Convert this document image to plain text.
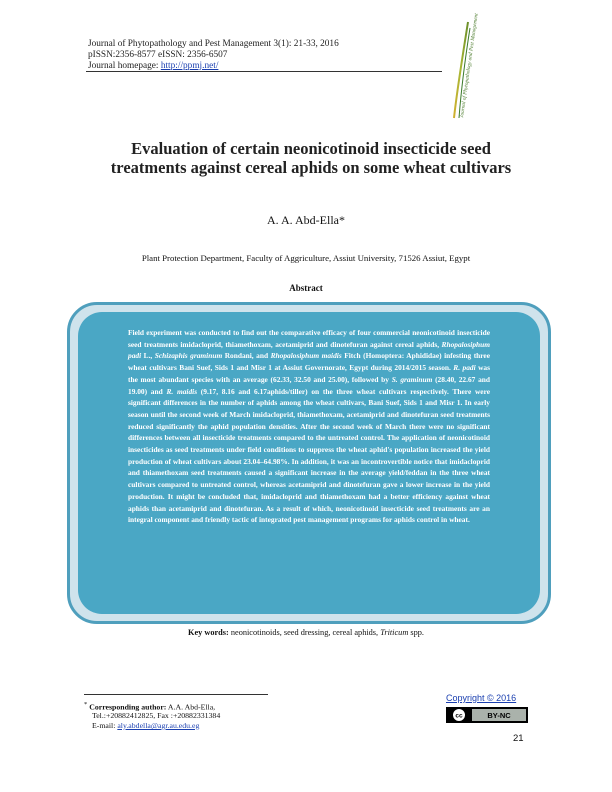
Journal of Phytopathology and Pest Management 3(1): 21-33, 2016
pISSN:2356-8577 eISSN: 2356-6507
Journal homepage: http://ppmj.net/	Journal of Phytopathology and Pest Management
Evaluation of certain neonicotinoid insecticide seed
treatments against cereal aphids on some wheat cultivars
A. A. Abd-Ella*
Plant Protection Department, Faculty of Aggriculture, Assiut University, 71526 Assiut, Egypt
Abstract
Field experiment was conducted to find out the comparative efficacy of four commercial neonicotinoid insecticide seed treatments imidacloprid, thiamethoxam, acetamiprid and dinotefuran against cereal aphids, Rhopalosiphum padi L., Schizaphis graminum Rondani, and Rhopalosiphum maidis Fitch (Homoptera: Aphididae) infesting three wheat cultivars Bani Suef, Sids 1 and Misr 1 at Assiut Governorate, Egypt during 2014/2015 season. R. padi was the most abundant species with an average (62.33, 32.50 and 25.00), followed by S. graminum (28.40, 22.67 and 19.00) and R. maidis (9.17, 8.16 and 6.17aphids/tiller) on the three wheat cultivars respectively. There were significant differences in the number of aphids among the wheat cultivars, Bani Suef, Sids 1 and Misr 1. In early season until the second week of March imidacloprid, thiamethoxam, acetamiprid and dinotefuran seed treatments reduced significantly the aphid population densities. After the second week of March there were no significant differences between all insecticide treatments compared to the untreated control. The application of neonicotinoid insecticides as seed treatments under field conditions to suppress the wheat aphid's population increased the yield production of wheat cultivars about 23.04–64.98%. In addition, it was an incontrovertible notice that imidacloprid and thiamethoxam seed treatments caused a significant increase in the average yield/feddan in the three wheat cultivars compared to untreated control, whereas acetamiprid and dinotefuran gave a lower increase in the yield production. It might be concluded that, imidacloprid and thiamethoxam had a better efficiency against wheat aphids than acetamiprid and dinotefuran. As a result of which, neonicotinoid insecticide seed treatments are an integral component and friendly tactic of integrated pest management programs for aphids control in wheat.
Key words: neonicotinoids, seed dressing, cereal aphids, Triticum spp.
* Corresponding author: A.A. Abd-Ella,
Tel.:+20882412825, Fax :+20882331384
E-mail: aly.abdella@agr.au.edu.eg
Copyright © 2016
cc	BY-NC
21
